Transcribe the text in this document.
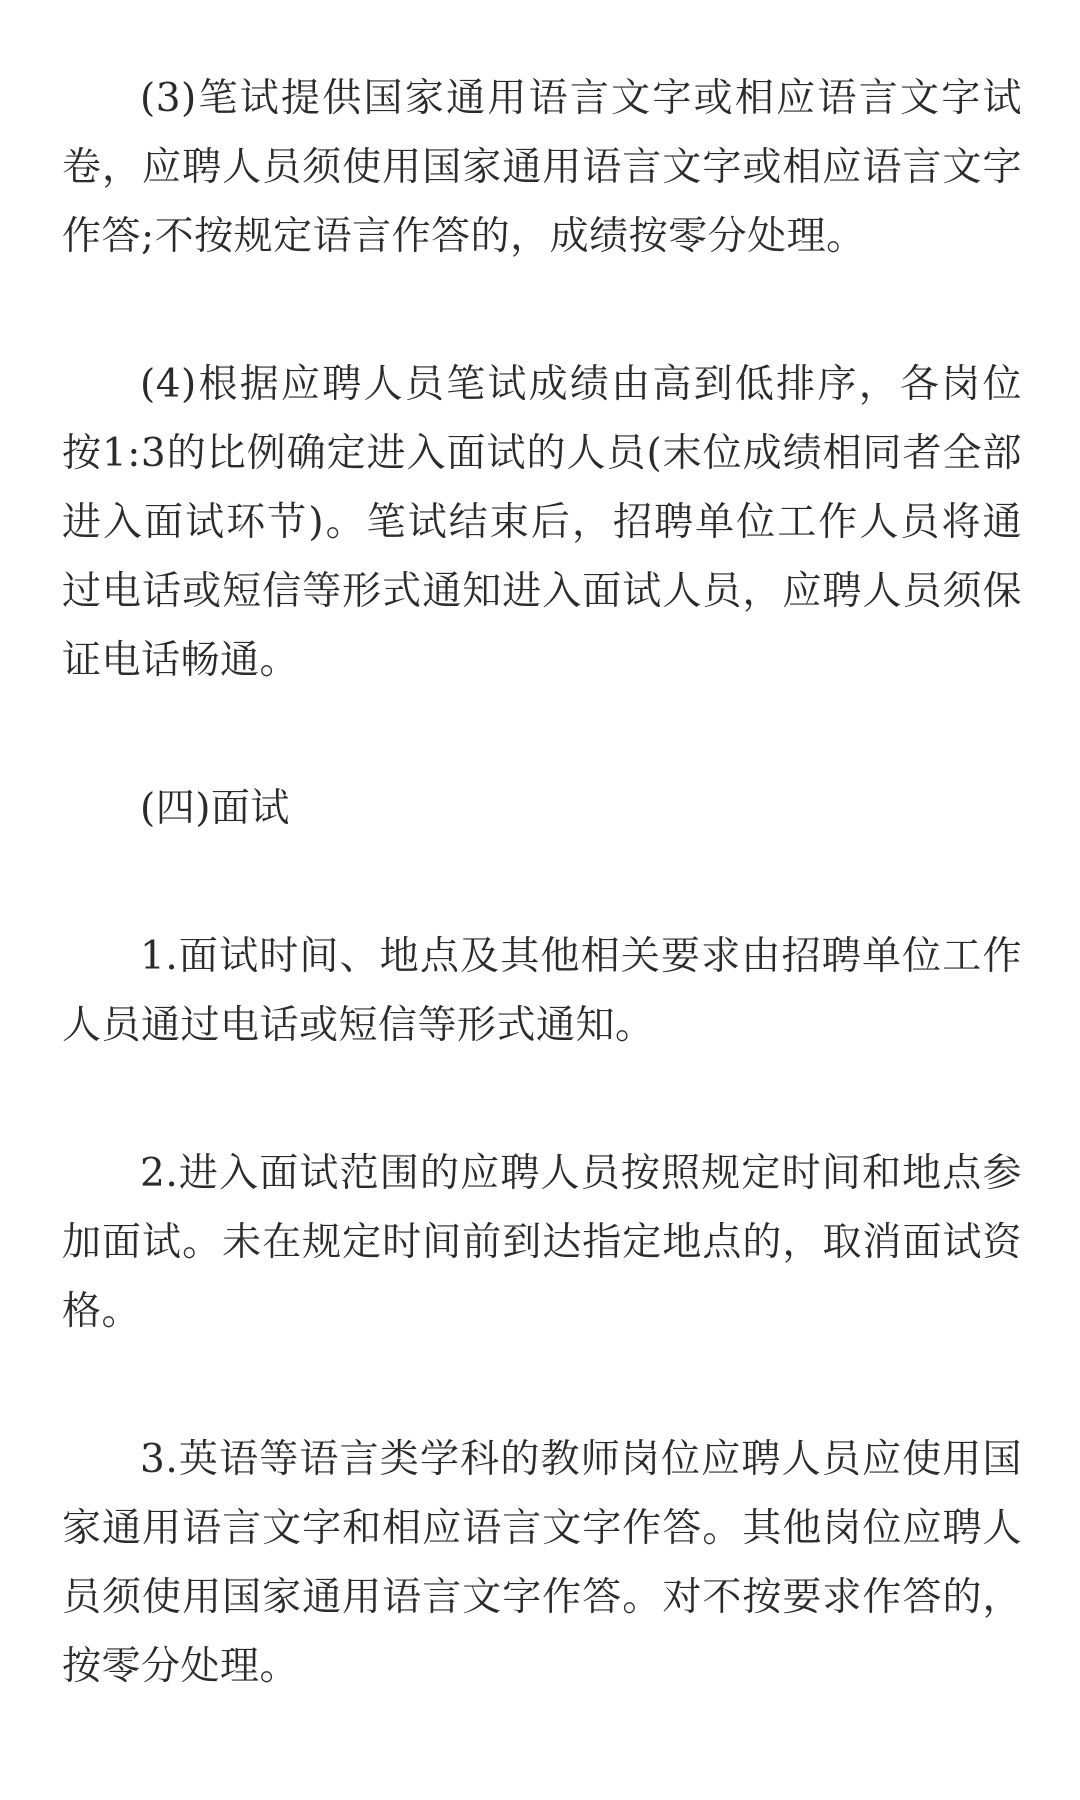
(3)笔试提供国家通用语言文字或相应语言文字试卷，应聘人员须使用国家通用语言文字或相应语言文字作答;不按规定语言作答的，成绩按零分处理。

(4)根据应聘人员笔试成绩由高到低排序，各岗位按1:3的比例确定进入面试的人员(末位成绩相同者全部进入面试环节)。笔试结束后，招聘单位工作人员将通过电话或短信等形式通知进入面试人员，应聘人员须保证电话畅通。

(四)面试

1.面试时间、地点及其他相关要求由招聘单位工作人员通过电话或短信等形式通知。

2.进入面试范围的应聘人员按照规定时间和地点参加面试。未在规定时间前到达指定地点的，取消面试资格。

3.英语等语言类学科的教师岗位应聘人员应使用国家通用语言文字和相应语言文字作答。其他岗位应聘人员须使用国家通用语言文字作答。对不按要求作答的，按零分处理。
